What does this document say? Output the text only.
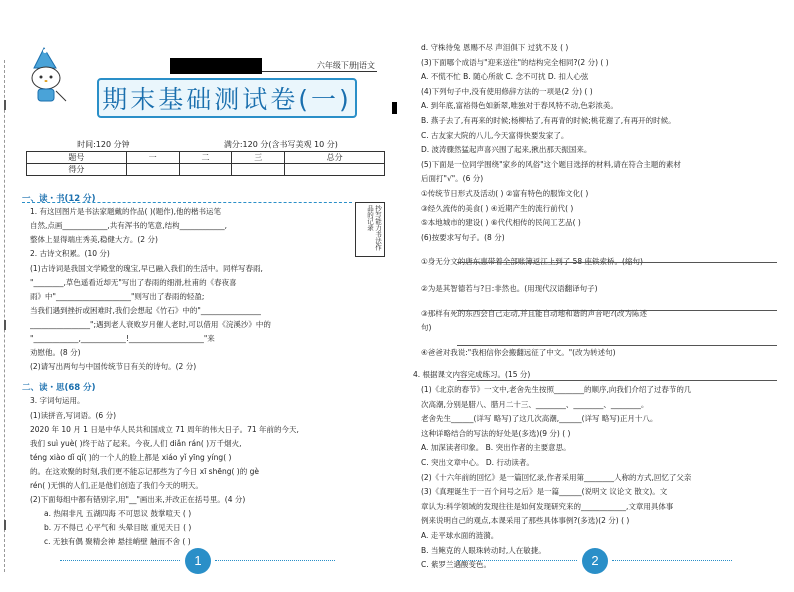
六年级下册|语文
期末基础测试卷(一)
时间:120 分钟	满分:120 分(含书写美观 10 分)
题号	一	二	三	总分
得分				
抄写能力书法作品的记录
一、读・书(12 分)
1. 有这回图片是书法家题戴的作品( )(题作),他的楷书运笔
自然,点画____________,共有浑书的笔意,结构____________,
整体上显得端庄秀美,稳健大方。(2 分)
2. 古诗文积累。(10 分)
(1)古诗词是我国文学殿堂的瑰宝,早已融入我们的生活中。同样写春雨,
"________,草色遥看近却无"写出了春雨的细滑,杜甫的《春夜喜
雨》中"____________________"则写出了春雨的轻盈;
当我们遇到挫折或困难时,我们会想起《竹石》中的"________________
________________";遇到老人衰败岁月催人老时,可以借用《浣溪沙》中的
"____________,____________!____________________"来
劝慰他。(8 分)
(2)请写出两句与中国传统节日有关的诗句。(2 分)
二、读・思(68 分)
3. 字词句运用。
(1)读拼音,写词语。(6 分)
2020 年 10 月 1 日是中华人民共和国成立 71 周年的伟大日子。71 年前的今天,
我们 suì yuè( )终于站了起来。今夜,人们 diǎn rán( )万千烟火,
téng xiào dǐ qǐ( )的一个人的脸上都是 xiáo yǐ yīng yíng( )
的。在这欢聚的时刻,我们更不能忘记那些为了今日 xī shēng( )的 gè
rén( )无惧的人们,正是他们创造了我们今天的明天。
(2)下面每组中都有错别字,用"__"画出来,并改正在括号里。(4 分)
a. 热闹非凡 五湖四海 不可思议 鼓掌喧天 ( )
b. 万不得已 心平气和 头晕目眩 重见天日 ( )
c. 无独有偶 聚精会神 悬挂峭壁 触而不舍 ( )
1
d. 守株待兔 恩赐不尽 声泪俱下 过犹不及 ( )
(3)下面哪个成语与"迎来送往"的结构完全相同?(2 分) ( )
A. 不慌不忙 B. 随心所欲 C. 念不可扰 D. 扣人心弦
(4)下列句子中,没有使用修辞方法的一项是(2 分) ( )
A. 到年底,富裕得色如新翠,唯独对于春风特不动,色彩浓美。
B. 燕子去了,有再来的时候;杨柳枯了,有再青的时候;桃花谢了,有再开的时候。
C. 古友家大院的八儿,今天富得快要发家了。
D. 波涛骤然猛起声喜兴围了起来,揪出那天振国来。
(5)下面是一位同学围绕"家乡的风俗"这个题目选择的材料,请在符合主题的素材
后面打"√"。(6 分)
①传统节日形式及活动( ) ②富有特色的服饰文化( )
③经久流传的美食( ) ④近期产生的流行前代( )
⑤本地城市的建设( ) ⑥代代相传的民间工艺品( )
(6)按要求写句子。(8 分)
①身无分文的唐东惠带着全部账簿返江上到了 58 座铁索桥。(缩句)
②为是其智德若与?日:非然也。(用现代汉语翻译句子)
③那样有死的东西会自己走动,并且能自动地和谐的声音吧?(改为陈述
句)
④爸爸对我说:"我相信你会搬翻远征了中文。"(改为转述句)
4. 根据课文内容完成练习。(15 分)
(1)《北京的春节》一文中,老舍先生按照________的顺序,向我们介绍了过春节的几
次高潮,分别是腊八、腊月二十三、________、________、________。
老舍先生______(详写 略写)了这几次高潮,______(详写 略写)正月十八。
这种详略结合的写法的好处是(多选)(9 分) ( )
A. 加深读者印象。 B. 突出作者的主要意思。
C. 突出文章中心。 D. 行动读者。
(2)《十六年前的回忆》是一篇回忆录,作者采用第________人称的方式,回忆了父亲
(3)《真理诞生于一百个问号之后》是一篇______(说明文 议论文 散文)。文
章认为:科学领域的发现往往是如何发现研究来的____________,文章用具体事
例来说明自己的观点,本课采用了那些具体事例?(多选)(2 分) ( )
A. 走平球水面的涟漪。
B. 当鲍克的人眼珠转动时,人在敏捷。
C. 紫罗兰遇酸变色。	2
